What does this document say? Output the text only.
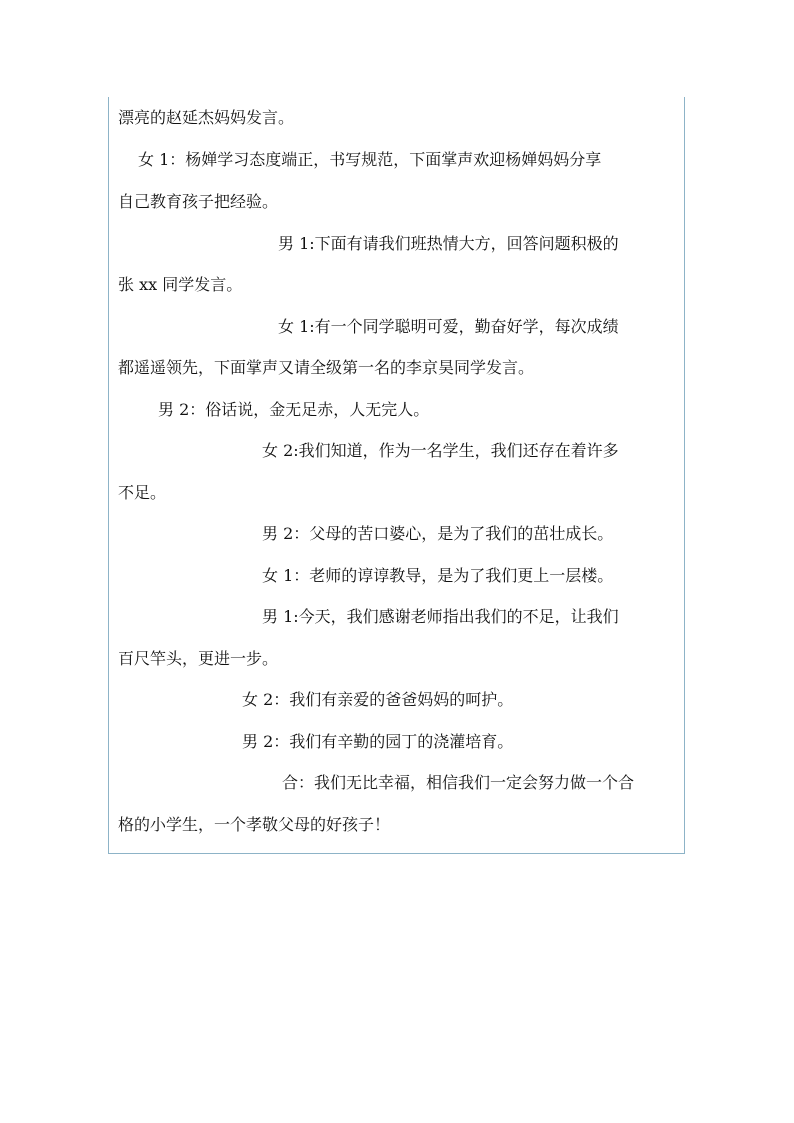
漂亮的赵延杰妈妈发言。
女 1：杨婵学习态度端正，书写规范，下面掌声欢迎杨婵妈妈分享
自己教育孩子把经验。
男 1:下面有请我们班热情大方，回答问题积极的
张 xx 同学发言。
女 1:有一个同学聪明可爱，勤奋好学，每次成绩
都遥遥领先，下面掌声又请全级第一名的李京昊同学发言。
男 2：俗话说，金无足赤，人无完人。
女 2:我们知道，作为一名学生，我们还存在着许多
不足。
男 2：父母的苦口婆心，是为了我们的茁壮成长。
女 1：老师的谆谆教导，是为了我们更上一层楼。
男 1:今天，我们感谢老师指出我们的不足，让我们
百尺竿头，更进一步。
女 2：我们有亲爱的爸爸妈妈的呵护。
男 2：我们有辛勤的园丁的浇灌培育。
合：我们无比幸福，相信我们一定会努力做一个合
格的小学生，一个孝敬父母的好孩子！
